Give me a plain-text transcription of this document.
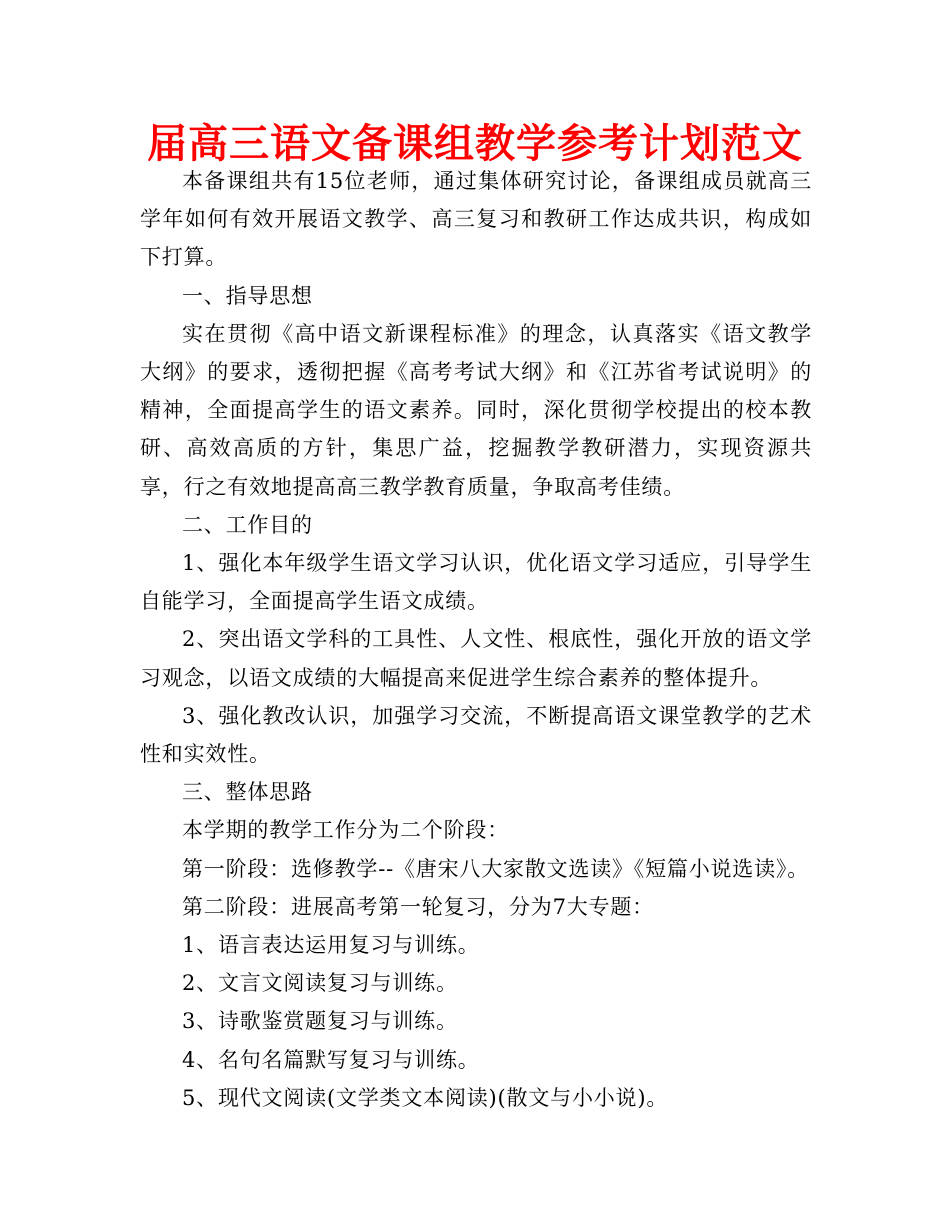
届高三语文备课组教学参考计划范文

本备课组共有15位老师，通过集体研究讨论，备课组成员就高三学年如何有效开展语文教学、高三复习和教研工作达成共识，构成如下打算。

一、指导思想

实在贯彻《高中语文新课程标准》的理念，认真落实《语文教学大纲》的要求，透彻把握《高考考试大纲》和《江苏省考试说明》的精神，全面提高学生的语文素养。同时，深化贯彻学校提出的校本教研、高效高质的方针，集思广益，挖掘教学教研潜力，实现资源共享，行之有效地提高高三教学教育质量，争取高考佳绩。

二、工作目的

1、强化本年级学生语文学习认识，优化语文学习适应，引导学生自能学习，全面提高学生语文成绩。

2、突出语文学科的工具性、人文性、根底性，强化开放的语文学习观念，以语文成绩的大幅提高来促进学生综合素养的整体提升。

3、强化教改认识，加强学习交流，不断提高语文课堂教学的艺术性和实效性。

三、整体思路

本学期的教学工作分为二个阶段：

第一阶段：选修教学--《唐宋八大家散文选读》《短篇小说选读》。

第二阶段：进展高考第一轮复习，分为7大专题：

1、语言表达运用复习与训练。

2、文言文阅读复习与训练。

3、诗歌鉴赏题复习与训练。

4、名句名篇默写复习与训练。

5、现代文阅读(文学类文本阅读)(散文与小小说)。
